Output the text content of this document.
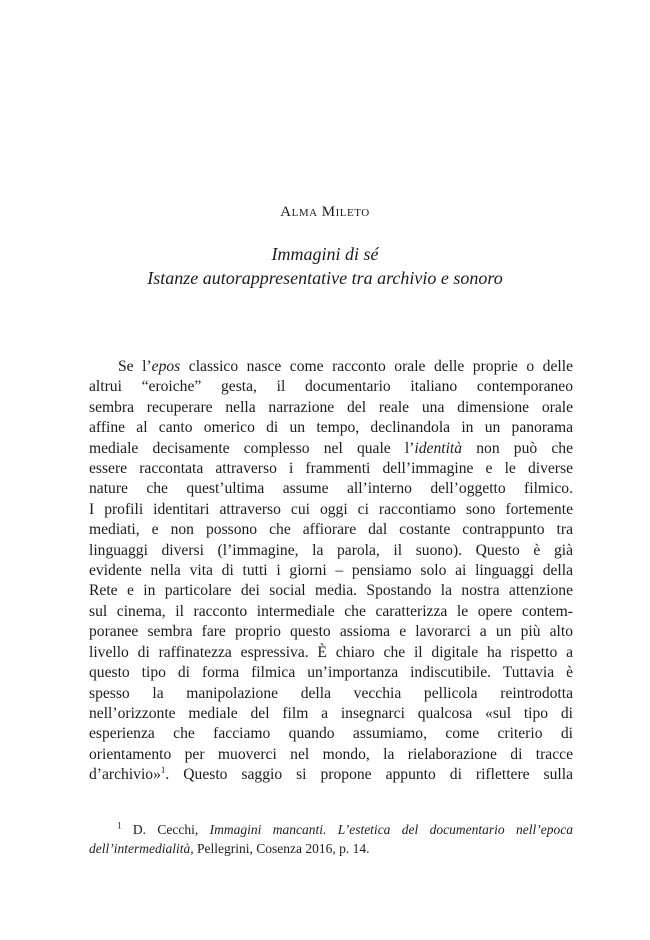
Alma Mileto
Immagini di sé
Istanze autorappresentative tra archivio e sonoro
Se l’epos classico nasce come racconto orale delle proprie o delle
altrui “eroiche” gesta, il documentario italiano contemporaneo
sembra recuperare nella narrazione del reale una dimensione orale
affine al canto omerico di un tempo, declinandola in un panorama
mediale decisamente complesso nel quale l’identità non può che
essere raccontata attraverso i frammenti dell’immagine e le diverse
nature che quest’ultima assume all’interno dell’oggetto filmico.
I profili identitari attraverso cui oggi ci raccontiamo sono fortemente
mediati, e non possono che affiorare dal costante contrappunto tra
linguaggi diversi (l’immagine, la parola, il suono). Questo è già
evidente nella vita di tutti i giorni – pensiamo solo ai linguaggi della
Rete e in particolare dei social media. Spostando la nostra attenzione
sul cinema, il racconto intermediale che caratterizza le opere contem-
poranee sembra fare proprio questo assioma e lavorarci a un più alto
livello di raffinatezza espressiva. È chiaro che il digitale ha rispetto a
questo tipo di forma filmica un’importanza indiscutibile. Tuttavia è
spesso la manipolazione della vecchia pellicola reintrodotta
nell’orizzonte mediale del film a insegnarci qualcosa «sul tipo di
esperienza che facciamo quando assumiamo, come criterio di
orientamento per muoverci nel mondo, la rielaborazione di tracce
d’archivio»$^1$. Questo saggio si propone appunto di riflettere sulla
$^1$ D. Cecchi, Immagini mancanti. L’estetica del documentario nell’epoca
dell’intermedialità, Pellegrini, Cosenza 2016, p. 14.
